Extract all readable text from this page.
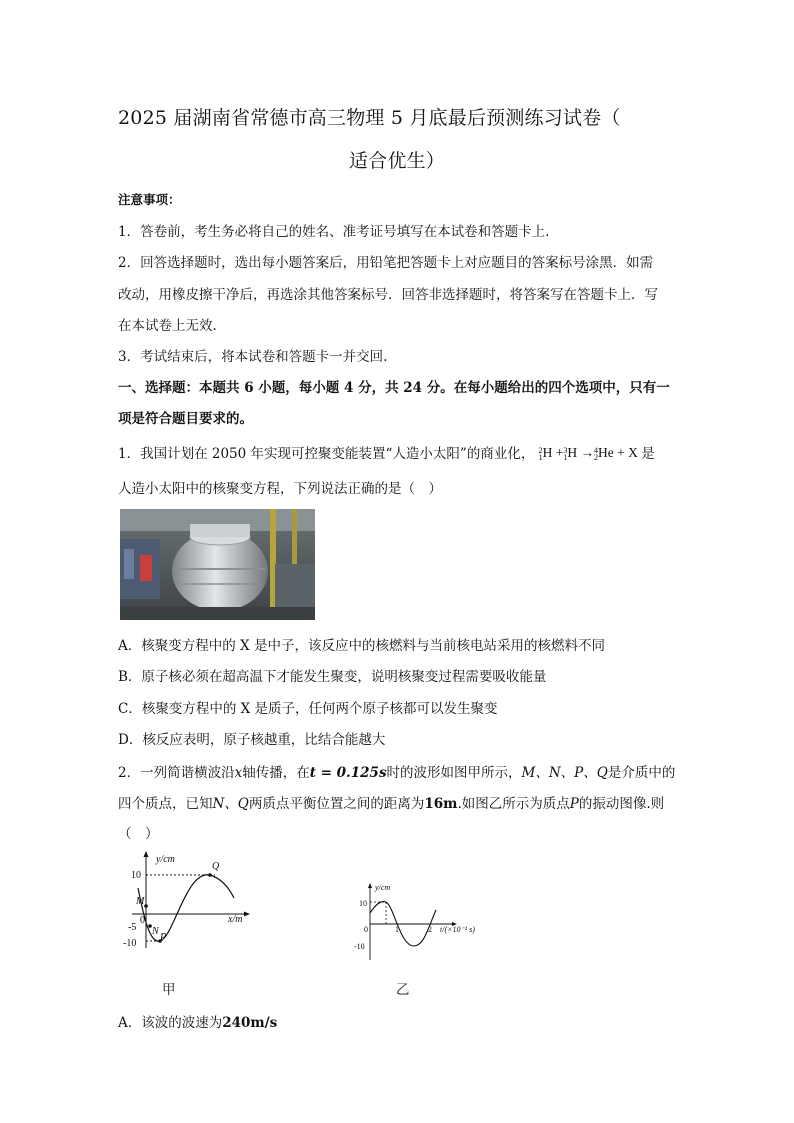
2025 届湖南省常德市高三物理 5 月底最后预测练习试卷（
适合优生）
注意事项：
1．答卷前，考生务必将自己的姓名、准考证号填写在本试卷和答题卡上.
2．回答选择题时，选出每小题答案后，用铅笔把答题卡上对应题目的答案标号涂黑．如需
改动，用橡皮擦干净后，再选涂其他答案标号．回答非选择题时，将答案写在答题卡上．写
在本试卷上无效.
3．考试结束后，将本试卷和答题卡一并交回.
一、选择题：本题共 6 小题，每小题 4 分，共 24 分。在每小题给出的四个选项中，只有一
项是符合题目要求的。
1．我国计划在 2050 年实现可控聚变能装置“人造小太阳”的商业化， 2
1H +3
1H →4
2He + X 是
人造小太阳中的核聚变方程，下列说法正确的是（　）
A．核聚变方程中的 X 是中子，该反应中的核燃料与当前核电站采用的核燃料不同
B．原子核必须在超高温下才能发生聚变，说明核聚变过程需要吸收能量
C．核聚变方程中的 X 是质子，任何两个原子核都可以发生聚变
D．核反应表明，原子核越重，比结合能越大
2．一列简谐横波沿x轴传播，在t = 0.125s时的波形如图甲所示，M、N、P、Q是介质中的
四个质点，已知N、Q两质点平衡位置之间的距离为16m.如图乙所示为质点P的振动图像.则
（　）
y/cm
x/m
10
-5
-10
0
M
N
P
Q
y/cm
t/(×10⁻¹ s)
10
-10
0	1	2
甲	乙
A．该波的波速为240m/s
